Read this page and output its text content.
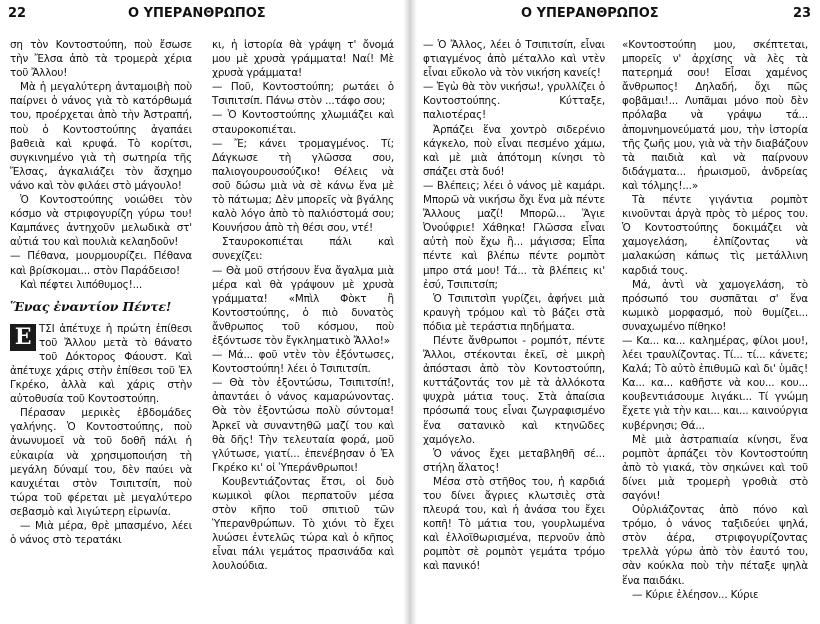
22	Ο ΥΠΕΡΑΝΘΡΩΠΟΣ

ση τὸν Κοντοστούπη, ποὺ ἔσωσε τὴν Ἔλσα ἀπὸ τὰ τρομερὰ χέρια τοῦ Ἄλλου!

Μὰ ἡ μεγαλύτερη ἀνταμοιβὴ ποὺ παίρνει ὁ νάνος γιὰ τὸ κατόρθωμά του, προέρχεται ἀπὸ τὴν Ἀστραπή, ποὺ ὁ Κοντοστούπης ἀγαπάει βαθειὰ καὶ κρυφά. Τὸ κορίτσι, συγκινημένο γιὰ τὴ σωτηρία τῆς Ἔλσας, ἀγκαλιάζει τὸν ἄσχημο νάνο καὶ τὸν φιλάει στὸ μάγουλο!

Ὁ Κοντοστούπης νοιώθει τὸν κόσμο νὰ στριφογυρίζη γύρω του! Καμπάνες ἀντηχοῦν μελωδικὰ στ' αὐτιά του καὶ πουλιὰ κελαηδοῦν!

— Πέθανα, μουρμουρίζει. Πέθανα καὶ βρίσκομαι... στὸν Παράδεισο!

Καὶ πέφτει λιπόθυμος!...

Ἕνας ἐναντίον Πέντε!
Ε ΤΣΙ ἀπέτυχε ἡ πρώτη ἐπίθεσι τοῦ Ἄλλου μετὰ τὸ θάνατο τοῦ Δόκτορος Φάουστ. Καὶ ἀπέτυχε χάρις στὴν ἐπίθεσι τοῦ Ἐλ Γκρέκο, ἀλλὰ καὶ χάρις στὴν αὐτοθυσία τοῦ Κοντοστούπη.

Πέρασαν μερικὲς ἑβδομάδες γαλήνης. Ὁ Κοντοστούπης, ποὺ ἀνωνυμοεῖ νὰ τοῦ δοθῆ πάλι ἡ εὐκαιρία νὰ χρησιμοποιήση τὴ μεγάλη δύναμί του, δὲν παύει νὰ καυχιέται στὸν Τσιπιτσίπ, ποὺ τώρα τοῦ φέρεται μὲ μεγαλύτερο σεβασμὸ καὶ λιγώτερη εἰρωνία.

— Μιὰ μέρα, θρὲ μπασμένο, λέει ὁ νάνος στὸ τερατάκι

κι, ἡ ἱστορία θὰ γράψη τ' ὄνομά μου μὲ χρυσὰ γράμματα! Ναί! Μὲ χρυσὰ γράμματα!

— Ποῦ, Κοντοστούπη; ρωτάει ὁ Τσιπιτσίπ. Πάνω στὸν ...τάφο σου;

— Ὁ Κοντοστούπης χλωμιάζει καὶ σταυροκοπιέται.

— Ἔ; κάνει τρομαγμένος. Τί; Δάγκωσε τὴ γλῶσσα σου, παλιογουρουσούζικο! Θέλεις νὰ σοῦ δώσω μιὰ νὰ σὲ κάνω ἕνα μὲ τὸ πάτωμα; Δὲν μπορεῖς νὰ βγάλης καλὸ λόγο ἀπὸ τὸ παλιόστομά σου; Κουνήσου ἀπὸ τὴ θέσι σου, ντέ!

Σταυροκοπιέται πάλι καὶ συνεχίζει:

— Θὰ μοῦ στήσουν ἕνα ἄγαλμα μιὰ μέρα καὶ θὰ γράψουν μὲ χρυσὰ γράμματα! «Μπὶλ Φὸκτ ἢ Κοντοστούπης, ὁ πιὸ δυνατὸς ἄνθρωπος τοῦ κόσμου, ποὺ ἐξόντωσε τὸν ἔγκληματικὸ Ἄλλο!»

— Μά... φοῦ ντὲν τὸν ἐξόντωσες, Κοντοστούπη! λέει ὁ Τσιπιτσίπ.

— Θὰ τὸν ἐξοντώσω, Τσιπιτσίπ!, ἀπαντάει ὁ νάνος καμαρώνοντας. Θὰ τὸν ἐξοντώσω πολὺ σύντομα! Ἀρκεῖ νὰ συναντηθῶ μαζί του καὶ θὰ δῆς! Τὴν τελευταία φορά, μοῦ γλύτωσε, γιατί... ἐπενέβησαν ὁ Ἐλ Γκρέκο κι' οἱ Ὑπεράνθρωποι!

Κουβεντιάζοντας ἔτσι, οἱ δυὸ κωμικοὶ φίλοι περπατοῦν μέσα στὸν κῆπο τοῦ σπιτιοῦ τῶν Ὑπερανθρώπων. Τὸ χιόνι τὸ ἔχει λυώσει ἐντελῶς τώρα καὶ ὁ κῆπος εἶναι πάλι γεμάτος πρασινάδα καὶ λουλούδια.

Ο ΥΠΕΡΑΝΘΡΩΠΟΣ	23

— Ὁ Ἄλλος, λέει ὁ Τσιπιτσίπ, εἶναι φτιαγμένος ἀπὸ μέταλλο καὶ ντὲν εἶναι εὔκολο νὰ τὸν νικήση κανείς!

— Ἐγὼ θὰ τὸν νικήσω!, γρυλλίζει ὁ Κοντοστούπης. Κύτταξε, παλιοτέρας!

Ἁρπάζει ἕνα χοντρὸ σιδερένιο κάγκελο, ποὺ εἶναι πεσμένο χάμω, καὶ μὲ μιὰ ἀπότομη κίνησι τὸ σπάζει στὰ δυό!

— Βλέπεις; λέει ὁ νάνος μὲ καμάρι. Μπορῶ νὰ νικήσω ὄχι ἕνα μὰ πέντε Ἄλλους μαζί! Μπορῶ... Ἅγιε Ὀνούφριε! Χάθηκα! Γλῶσσα εἶναι αὐτὴ ποὺ ἔχω ἢ... μάγισσα; Εἶπα πέντε καὶ βλέπω πέντε ρομπὸτ μπρο στά μου! Τά... τὰ βλέπεις κι' ἐσύ, Τσιπιτσίπ;

Ὁ Τσιπιτσὶπ γυρίζει, ἀφήνει μιὰ κραυγὴ τρόμου καὶ τὸ βάζει στὰ πόδια μὲ τεράστια πηδήματα.

Πέντε ἄνθρωποι - ρομπότ, πέντε Ἄλλοι, στέκονται ἐκεῖ, σὲ μικρὴ ἀπόστασι ἀπὸ τὸν Κοντοστούπη, κυττάζοντάς τον μὲ τὰ ἀλλόκοτα ψυχρὰ μάτια τους. Στὰ ἀπαίσια πρόσωπά τους εἶναι ζωγραφισμένο ἕνα σατανικὸ καὶ κτηνῶδες χαμόγελο.

Ὁ νάνος ἔχει μεταβληθῆ σέ... στήλη ἅλατος!

Μέσα στὸ στῆθος του, ἡ καρδιά του δίνει ἄγριες κλωτσιὲς στὰ πλευρά του, καὶ ἡ ἀνάσα του ἔχει κοπῆ! Τὸ μάτια του, γουρλωμένα καὶ ἐλλοϊθωρισμένα, περνοῦν ἀπὸ ρομπὸτ σὲ ρομπὸτ γεμάτα τρόμο καὶ πανικό!

«Κοντοστούπη μου, σκέπτεται, μπορεῖς ν' ἀρχίσης νὰ λὲς τὰ πατερημά σου! Εἶσαι χαμένος ἄνθρωπος! Δηλαδή, ὄχι πῶς φοβᾶμαι!... Λυπᾶμαι μόνο ποὺ δὲν πρόλαβα νὰ γράψω τά... ἀπομνημονεύματά μου, τὴν ἱστορία τῆς ζωῆς μου, γιὰ νὰ τὴν διαβάζουν τὰ παιδιὰ καὶ νὰ παίρνουν διδάγματα... ἡρωισμοῦ, ἀνδρείας καὶ τόλμης!...»

Τὰ πέντε γιγάντια ρομπὸτ κινοῦνται ἀργὰ πρὸς τὸ μέρος του. Ὁ Κοντοστούπης δοκιμάζει νὰ χαμογελάση, ἐλπίζοντας νὰ μαλακώση κάπως τὶς μετάλλινη καρδιά τους.

Μά, ἀντὶ νὰ χαμογελάση, τὸ πρόσωπό του συσπᾶται σ' ἕνα κωμικὸ μορφασμό, ποὺ θυμίζει... συναχωμένο πίθηκο!

— Κα... κα... καλημέρας, φίλοι μου!, λέει τραυλίζοντας. Τί... τί... κάνετε; Καλά; Τὸ αὐτὸ ἐπιθυμῶ καὶ δι' ὑμᾶς! Κα... κα... καθῆστε νὰ κου... κου... κουβεντιάσουμε λιγάκι... Τί γνώμη ἔχετε γιὰ τὴν και... και... καινούργια κυβέρνησι; Θά...

Μὲ μιὰ ἀστραπιαία κίνησι, ἕνα ρομπὸτ ἁρπάζει τὸν Κοντοστούπη ἀπὸ τὸ γιακά, τὸν σηκώνει καὶ τοῦ δίνει μιὰ τρομερὴ γροθιὰ στὸ σαγόνι!

Οὐρλιάζοντας ἀπὸ πόνο καὶ τρόμο, ὁ νάνος ταξιδεύει ψηλά, στὸν ἀέρα, στριφογυρίζοντας τρελλὰ γύρω ἀπὸ τὸν ἑαυτό του, σὰν κούκλα ποὺ τὴν πέταξε ψηλὰ ἕνα παιδάκι.

— Κύριε ἐλέησον... Κύριε
